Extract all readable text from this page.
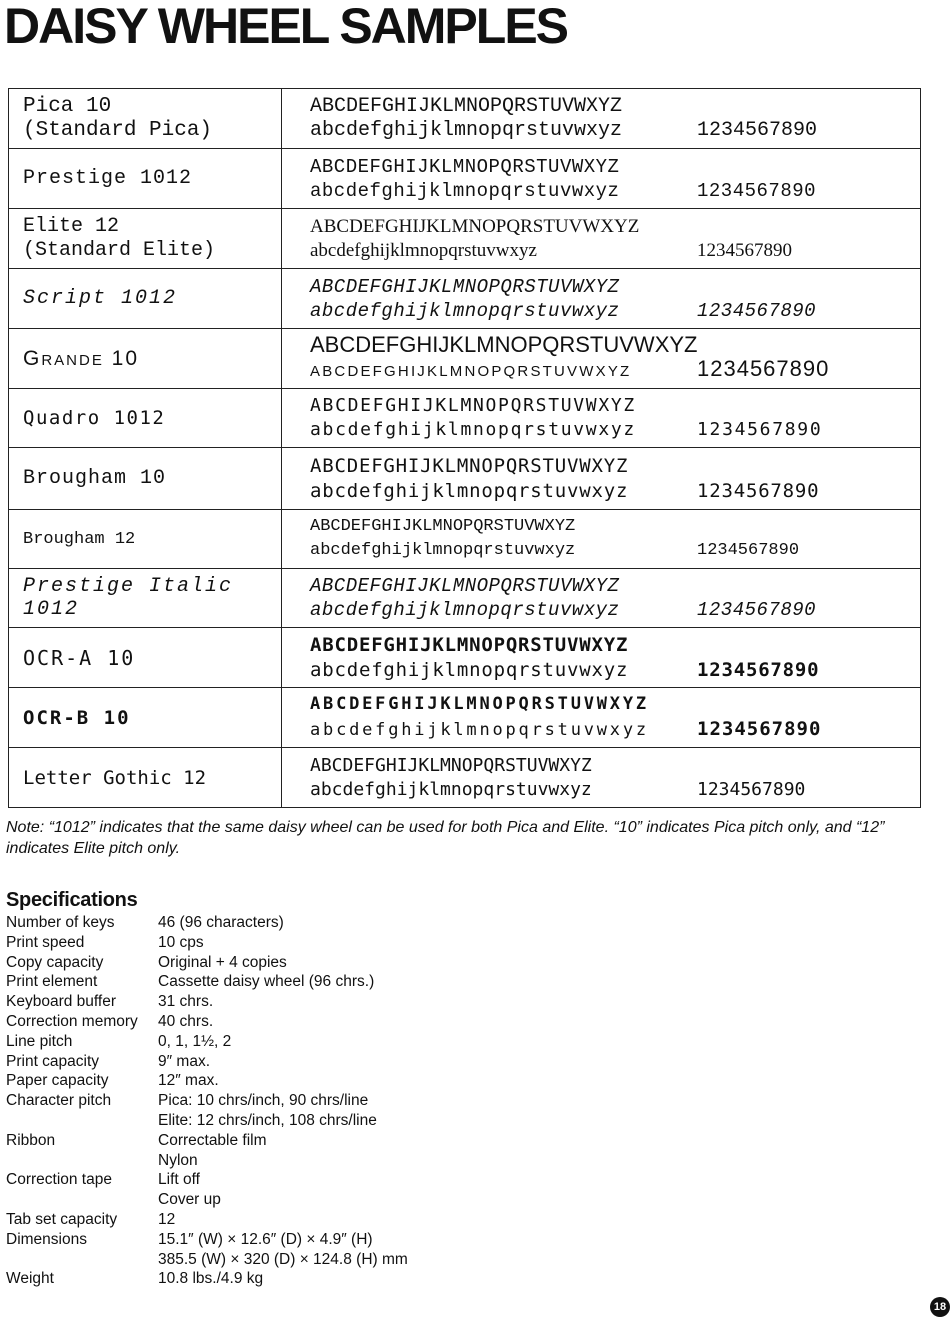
DAISY WHEEL SAMPLES
Pica 10
(Standard Pica)	ABCDEFGHIJKLMNOPQRSTUVWXYZ
abcdefghijklmnopqrstuvwxyz 1234567890

Prestige 1012	ABCDEFGHIJKLMNOPQRSTUVWXYZ
abcdefghijklmnopqrstuvwxyz 1234567890

Elite 12
(Standard Elite)	ABCDEFGHIJKLMNOPQRSTUVWXYZ
abcdefghijklmnopqrstuvwxyz 1234567890

Script 1012	ABCDEFGHIJKLMNOPQRSTUVWXYZ
abcdefghijklmnopqrstuvwxyz 1234567890

Grande 10	ABCDEFGHIJKLMNOPQRSTUVWXYZ
ABCDEFGHIJKLMNOPQRSTUVWXYZ 1234567890

Quadro 1012	ABCDEFGHIJKLMNOPQRSTUVWXYZ
abcdefghijklmnopqrstuvwxyz 1234567890

Brougham 10	ABCDEFGHIJKLMNOPQRSTUVWXYZ
abcdefghijklmnopqrstuvwxyz 1234567890

Brougham 12	ABCDEFGHIJKLMNOPQRSTUVWXYZ
abcdefghijklmnopqrstuvwxyz 1234567890

Prestige Italic
1012	ABCDEFGHIJKLMNOPQRSTUVWXYZ
abcdefghijklmnopqrstuvwxyz 1234567890

OCR-A 10	ABCDEFGHIJKLMNOPQRSTUVWXYZ
abcdefghijklmnopqrstuvwxyz 1234567890

OCR-B 10	ABCDEFGHIJKLMNOPQRSTUVWXYZ
abcdefghijklmnopqrstuvwxyz 1234567890

Letter Gothic 12	ABCDEFGHIJKLMNOPQRSTUVWXYZ
abcdefghijklmnopqrstuvwxyz 1234567890

Note: “1012” indicates that the same daisy wheel can be used for both Pica and Elite. “10” indicates Pica pitch only, and “12” indicates Elite pitch only.

Specifications
Number of keys	46 (96 characters)
Print speed	10 cps
Copy capacity	Original + 4 copies
Print element	Cassette daisy wheel (96 chrs.)
Keyboard buffer	31 chrs.
Correction memory	40 chrs.
Line pitch	0, 1, 1½, 2
Print capacity	9″ max.
Paper capacity	12″ max.
Character pitch	Pica: 10 chrs/inch, 90 chrs/line
Elite: 12 chrs/inch, 108 chrs/line
Ribbon	Correctable film
Nylon
Correction tape	Lift off
Cover up
Tab set capacity	12
Dimensions	15.1″ (W) × 12.6″ (D) × 4.9″ (H)
385.5 (W) × 320 (D) × 124.8 (H) mm
Weight	10.8 lbs./4.9 kg
18
